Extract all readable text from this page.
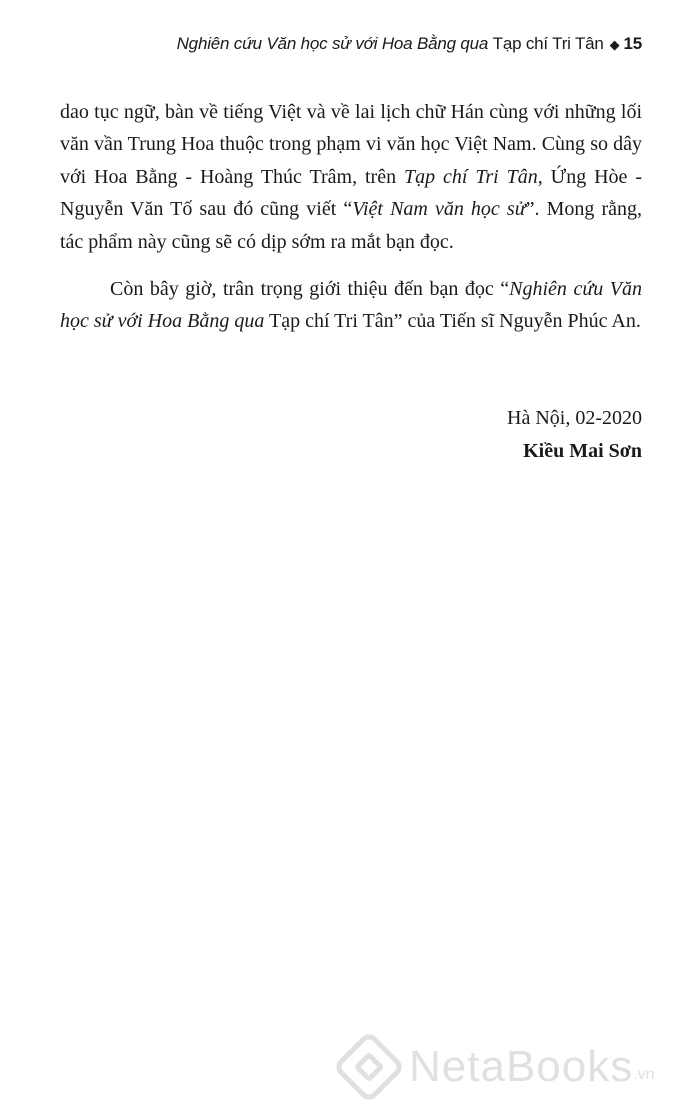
Nghiên cứu Văn học sử với Hoa Bằng qua Tạp chí Tri Tân ◆ 15

dao tục ngữ, bàn về tiếng Việt và về lai lịch chữ Hán cùng với những lối văn vần Trung Hoa thuộc trong phạm vi văn học Việt Nam. Cùng so dây với Hoa Bằng - Hoàng Thúc Trâm, trên Tạp chí Tri Tân, Ứng Hòe - Nguyễn Văn Tố sau đó cũng viết “Việt Nam văn học sử”. Mong rằng, tác phẩm này cũng sẽ có dịp sớm ra mắt bạn đọc.

Còn bây giờ, trân trọng giới thiệu đến bạn đọc “Nghiên cứu Văn học sử với Hoa Bằng qua Tạp chí Tri Tân” của Tiến sĩ Nguyễn Phúc An.

Hà Nội, 02-2020
Kiều Mai Sơn
NetaBooks .vn
